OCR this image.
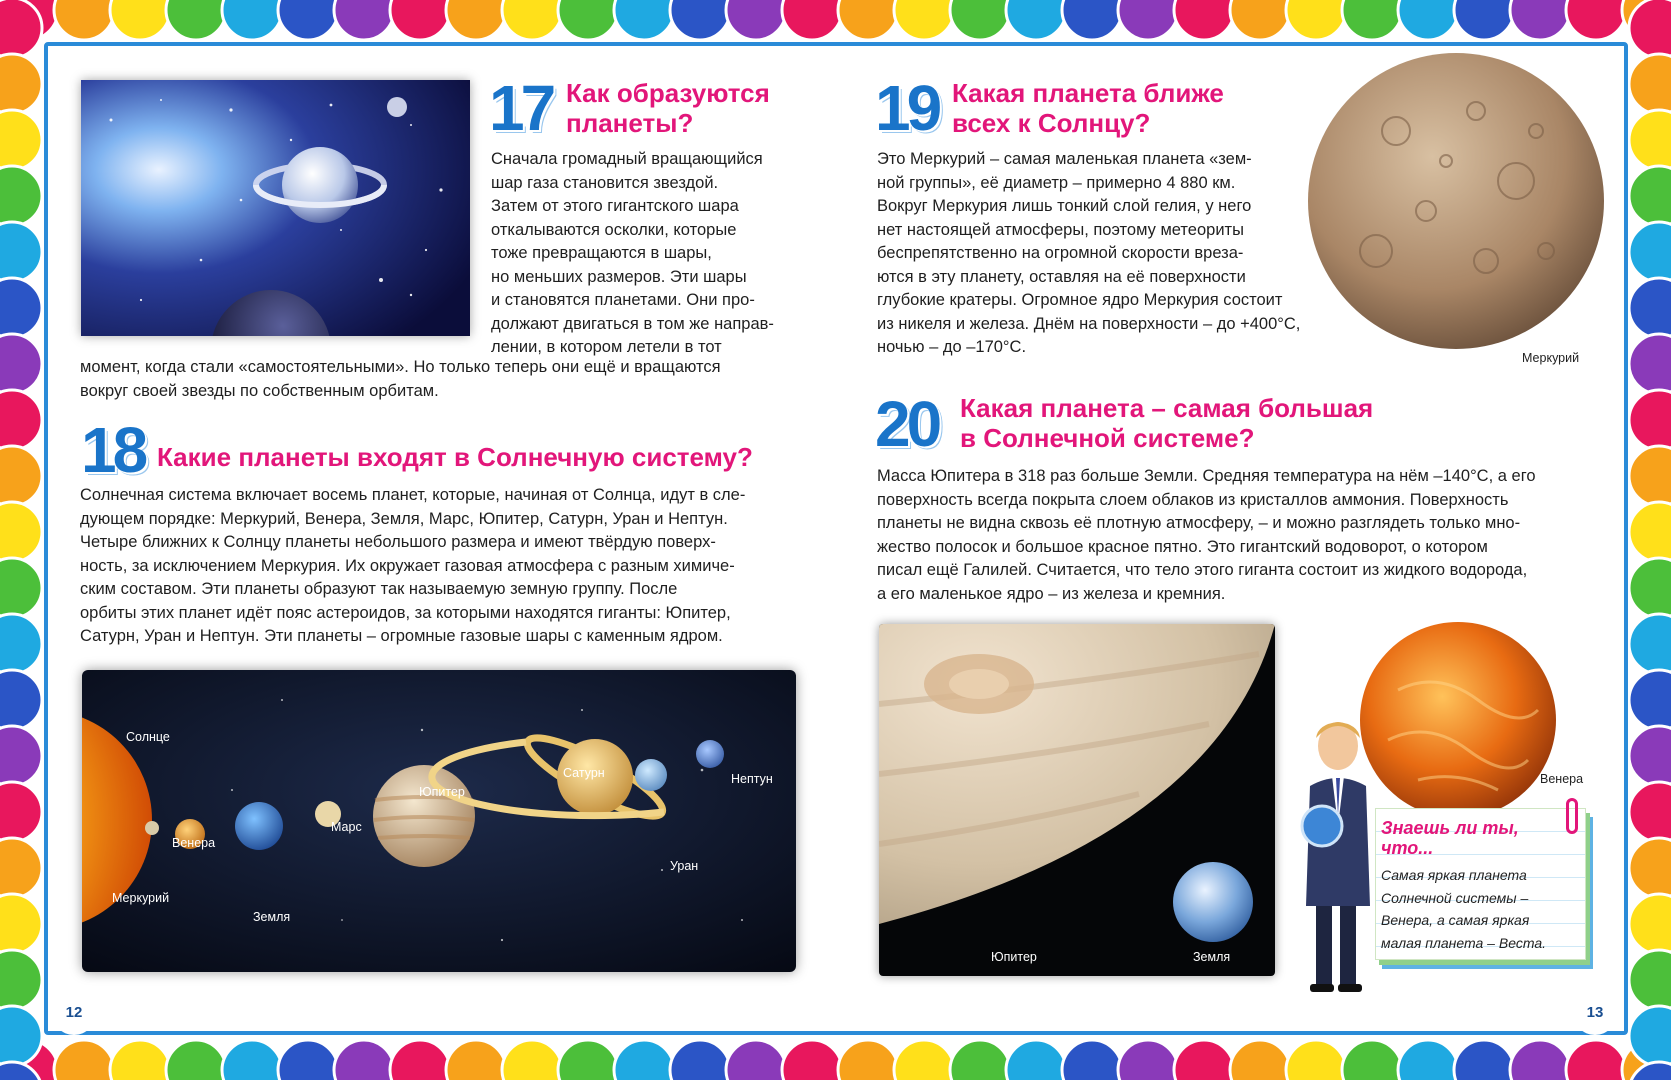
17 Как образуются
планеты?
Сначала громадный вращающийся
шар газа становится звездой.
Затем от этого гигантского шара
откалываются осколки, которые
тоже превращаются в шары,
но меньших размеров. Эти шары
и становятся планетами. Они про-
должают двигаться в том же направ-
лении, в котором летели в тот
момент, когда стали «самостоятельными». Но только теперь они ещё и вращаются
вокруг своей звезды по собственным орбитам.
18 Какие планеты входят в Солнечную систему?
Солнечная система включает восемь планет, которые, начиная от Солнца, идут в сле-
дующем порядке: Меркурий, Венера, Земля, Марс, Юпитер, Сатурн, Уран и Нептун.
Четыре ближних к Солнцу планеты небольшого размера и имеют твёрдую поверх-
ность, за исключением Меркурия. Их окружает газовая атмосфера с разным химиче-
ским составом. Эти планеты образуют так называемую земную группу. После
орбиты этих планет идёт пояс астероидов, за которыми находятся гиганты: Юпитер,
Сатурн, Уран и Нептун. Эти планеты – огромные газовые шары с каменным ядром.
Солнце
Венера
Меркурий
Земля
Марс
Юпитер
Сатурн
Уран
Нептун
12
19 Какая планета ближе
всех к Солнцу?
Это Меркурий – самая маленькая планета «зем-
ной группы», её диаметр – примерно 4 880 км.
Вокруг Меркурия лишь тонкий слой гелия, у него
нет настоящей атмосферы, поэтому метеориты
беспрепятственно на огромной скорости вреза-
ются в эту планету, оставляя на её поверхности
глубокие кратеры. Огромное ядро Меркурия состоит
из никеля и железа. Днём на поверхности – до +400°С,
ночью – до –170°С.
Меркурий
20 Какая планета – самая большая
в Солнечной системе?
Масса Юпитера в 318 раз больше Земли. Средняя температура на нём –140°С, а его
поверхность всегда покрыта слоем облаков из кристаллов аммония. Поверхность
планеты не видна сквозь её плотную атмосферу, – и можно разглядеть только мно-
жество полосок и большое красное пятно. Это гигантский водоворот, о котором
писал ещё Галилей. Считается, что тело этого гиганта состоит из жидкого водорода,
а его маленькое ядро – из железа и кремния.
Юпитер	Земля
Венера
Знаешь ли ты,
что...
Самая яркая планета
Солнечной системы –
Венера, а самая яркая
малая планета – Веста.
13
